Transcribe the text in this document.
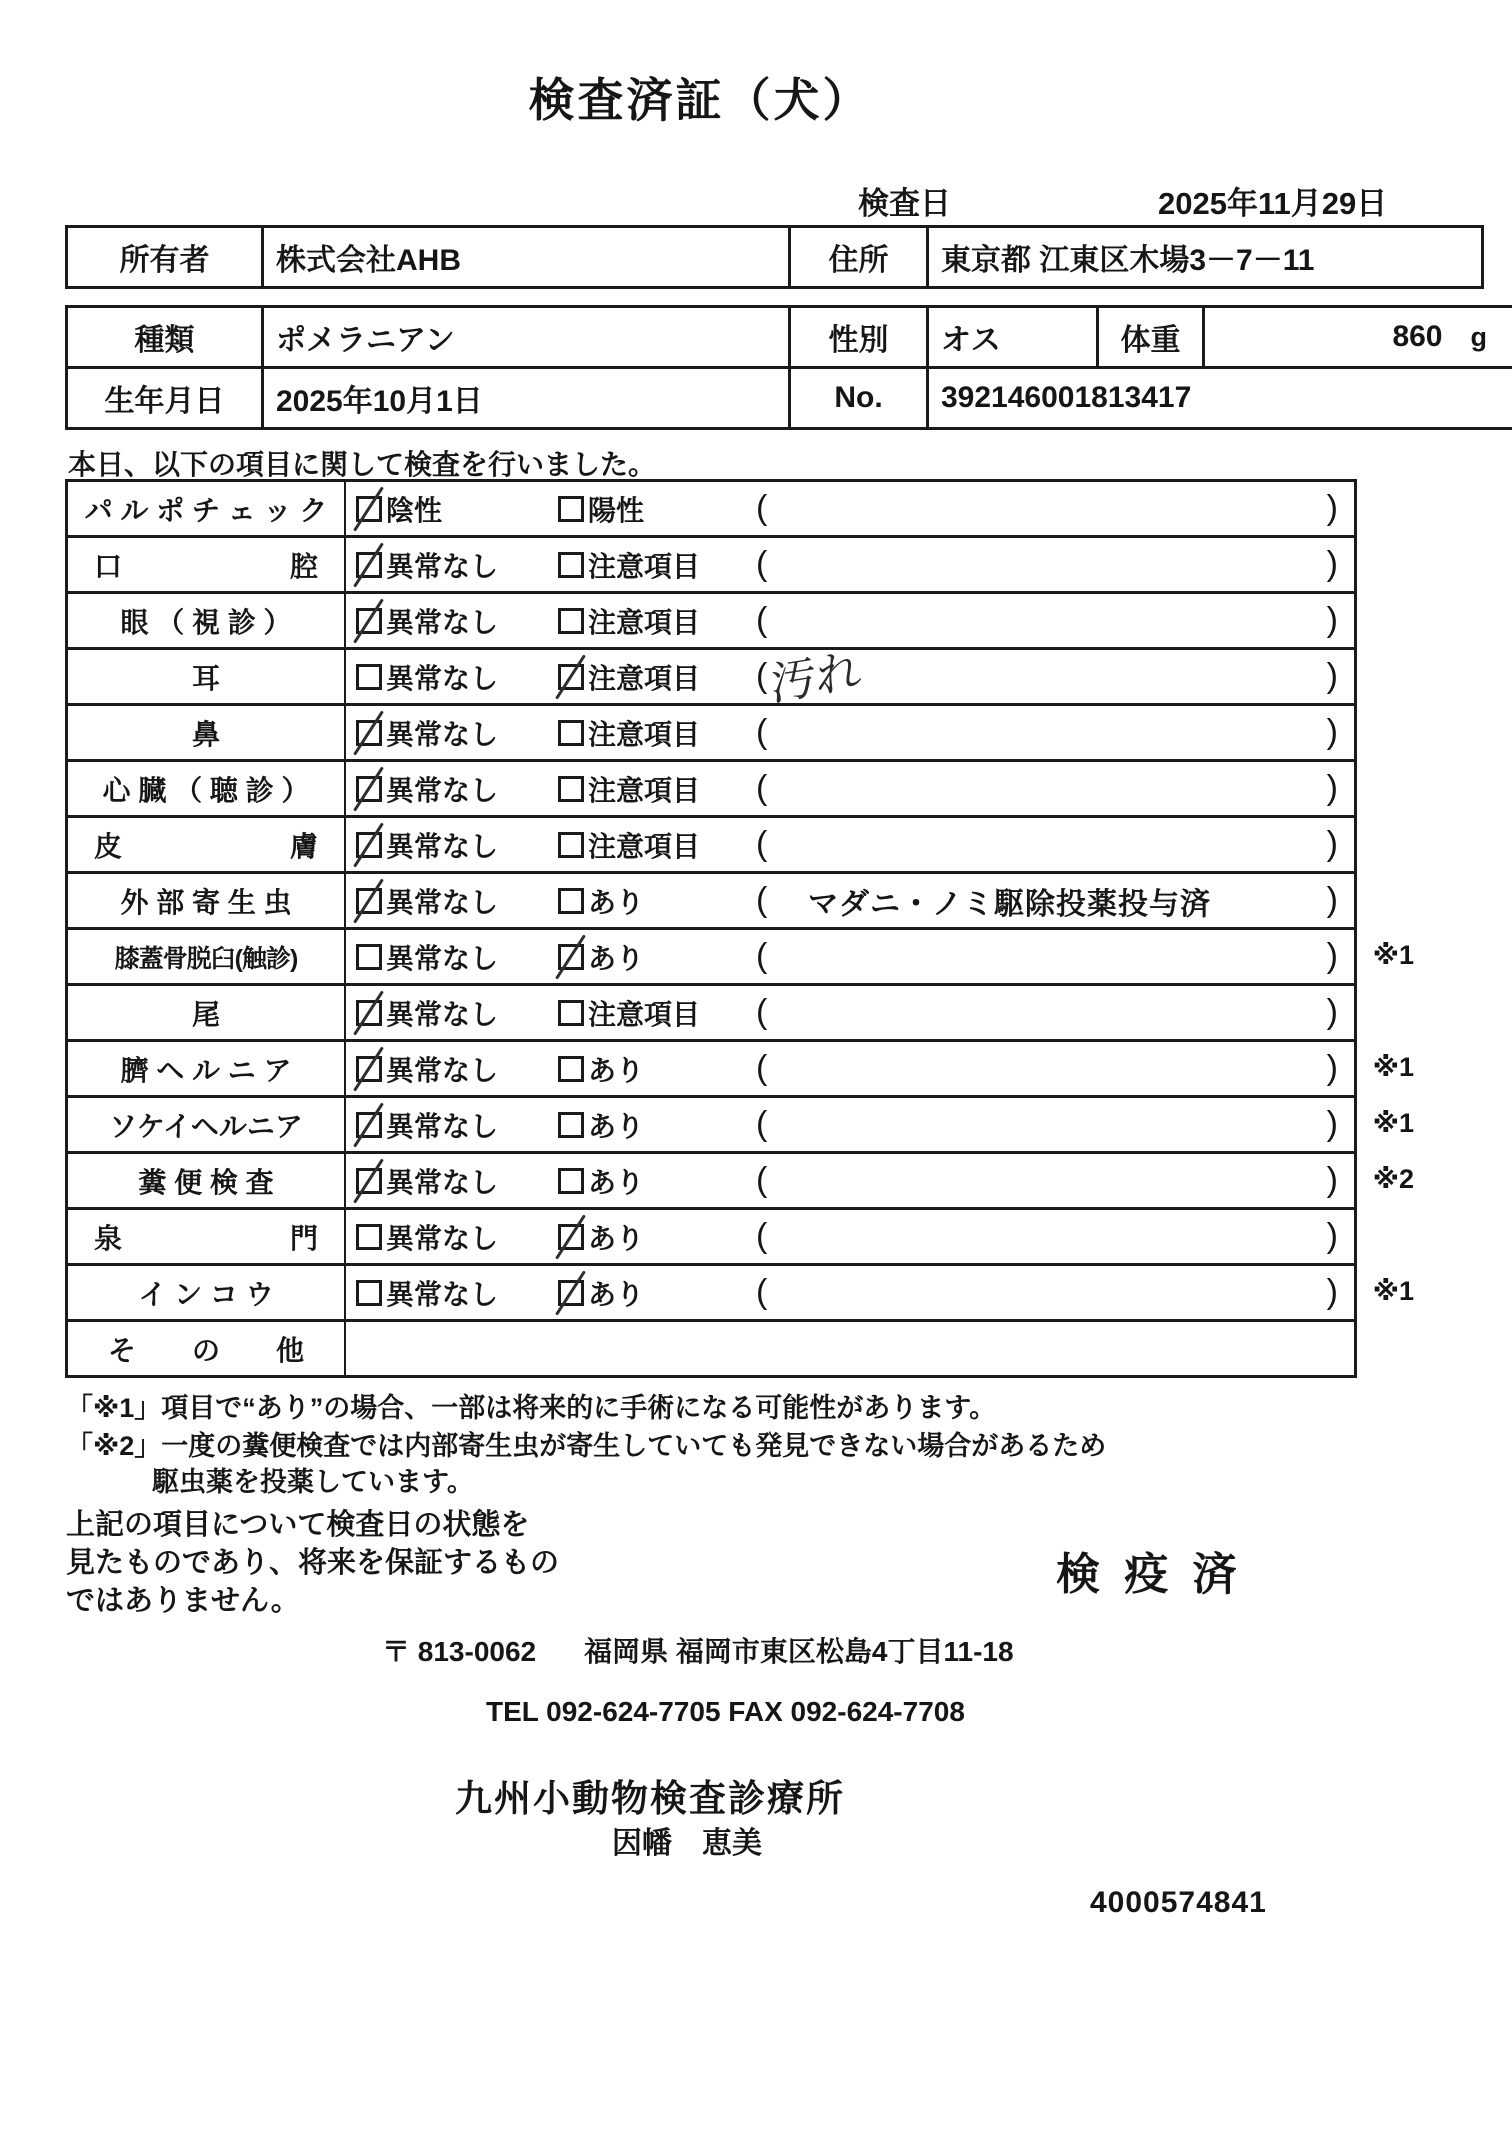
検査済証（犬）
検査日	2025年11月29日
所有者	株式会社AHB	住所	東京都 江東区木場3－7－11
種類	ポメラニアン	性別	オス	体重	860 g

生年月日	2025年10月1日	No.	392146001813417		
本日、以下の項目に関して検査を行いました。
パ ル ポ チ ェ ッ ク	陰性	陽性	(	)
口　　　　　　腔	異常なし	注意項目 (	)
眼 （ 視 診 ）	異常なし	注意項目 (	)
耳	異常なし	注意項目 ( 汚れ	)
鼻	異常なし	注意項目 (	)
心 臓 （ 聴 診 ）	異常なし	注意項目 (	)
皮　　　　　　膚	異常なし	注意項目 (	)
外 部 寄 生 虫	異常なし	あり	( マダニ・ノミ駆除投薬投与済	)
膝蓋骨脱臼(触診)	異常なし	あり	(	) ※1
尾	異常なし	注意項目 (	)
臍 ヘ ル ニ ア	異常なし	あり	(	) ※1
ソケイヘルニア	異常なし	あり	(	) ※1
糞 便 検 査	異常なし	あり	(	) ※2
泉　　　　　　門	異常なし	あり	(	)
イ ン コ ウ	異常なし	あり	(	) ※1
そ　　の　　他
「※1」項目で“あり”の場合、一部は将来的に手術になる可能性があります。
「※2」一度の糞便検査では内部寄生虫が寄生していても発見できない場合があるため
駆虫薬を投薬しています。
上記の項目について検査日の状態を
見たものであり、将来を保証するもの
ではありません。
検 疫 済
〒 813-0062 福岡県 福岡市東区松島4丁目11-18
TEL 092-624-7705 FAX 092-624-7708
九州小動物検査診療所
因幡　恵美
4000574841
